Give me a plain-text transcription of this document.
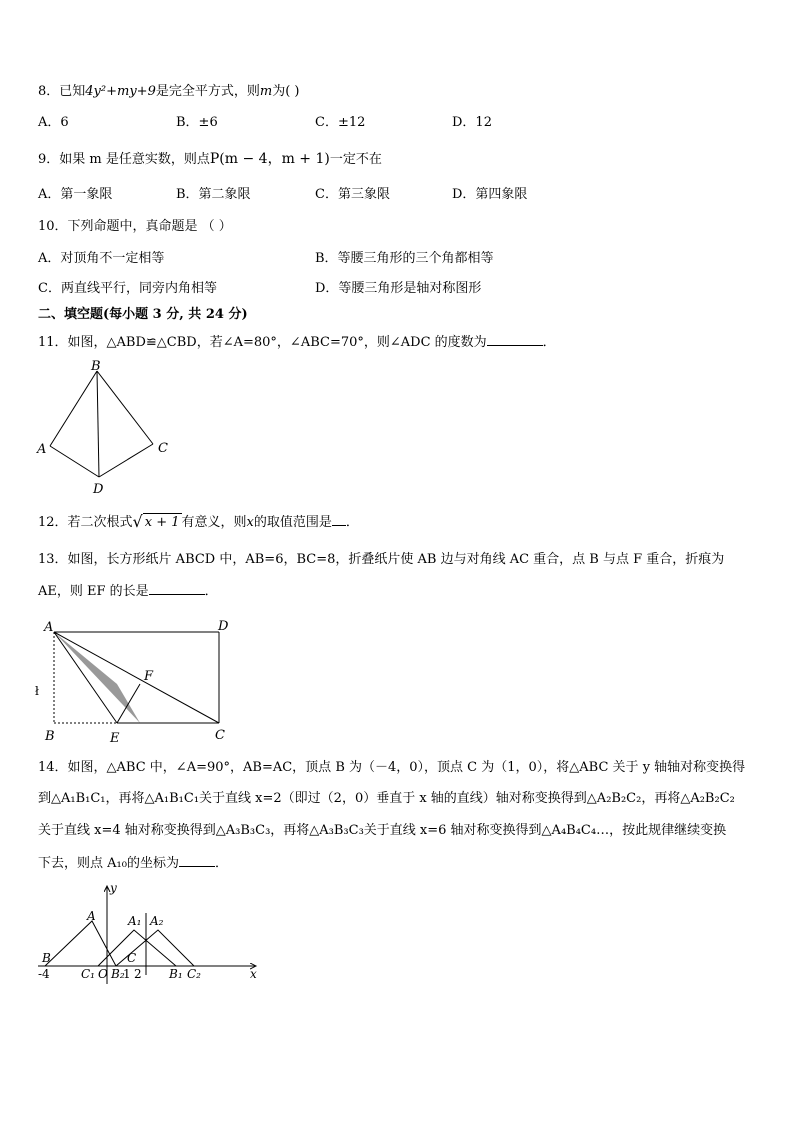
8．已知4y²+my+9是完全平方式，则m为( )
A．6	B．±6	C．±12	D．12
9．如果 m 是任意实数，则点P(m − 4，m + 1)一定不在
A．第一象限	B．第二象限	C．第三象限	D．第四象限
10．下列命题中，真命题是 （ ）
A．对顶角不一定相等	B．等腰三角形的三个角都相等
C．两直线平行，同旁内角相等	D．等腰三角形是轴对称图形
二、填空题(每小题 3 分, 共 24 分)
11．如图，△ABD≌△CBD，若∠A=80°，∠ABC=70°，则∠ADC 的度数为	．
B
A	C
D
12．若二次根式√ x + 1 有意义，则x的取值范围是 ．
13．如图，长方形纸片 ABCD 中，AB=6，BC=8，折叠纸片使 AB 边与对角线 AC 重合，点 B 与点 F 重合，折痕为
AE，则 EF 的长是	．
A	D
F
B	E	C
ł
14．如图，△ABC 中，∠A=90°，AB=AC，顶点 B 为（－4，0），顶点 C 为（1，0），将△ABC 关于 y 轴轴对称变换得
到△A₁B₁C₁，再将△A₁B₁C₁关于直线 x=2（即过（2，0）垂直于 x 轴的直线）轴对称变换得到△A₂B₂C₂，再将△A₂B₂C₂
关于直线 x=4 轴对称变换得到△A₃B₃C₃，再将△A₃B₃C₃关于直线 x=6 轴对称变换得到△A₄B₄C₄…，按此规律继续变换
下去，则点 A₁₀的坐标为	．
y
x
A	A₁ A₂
B	C
C₁ O B₂	B₁ C₂
-4	1 2
